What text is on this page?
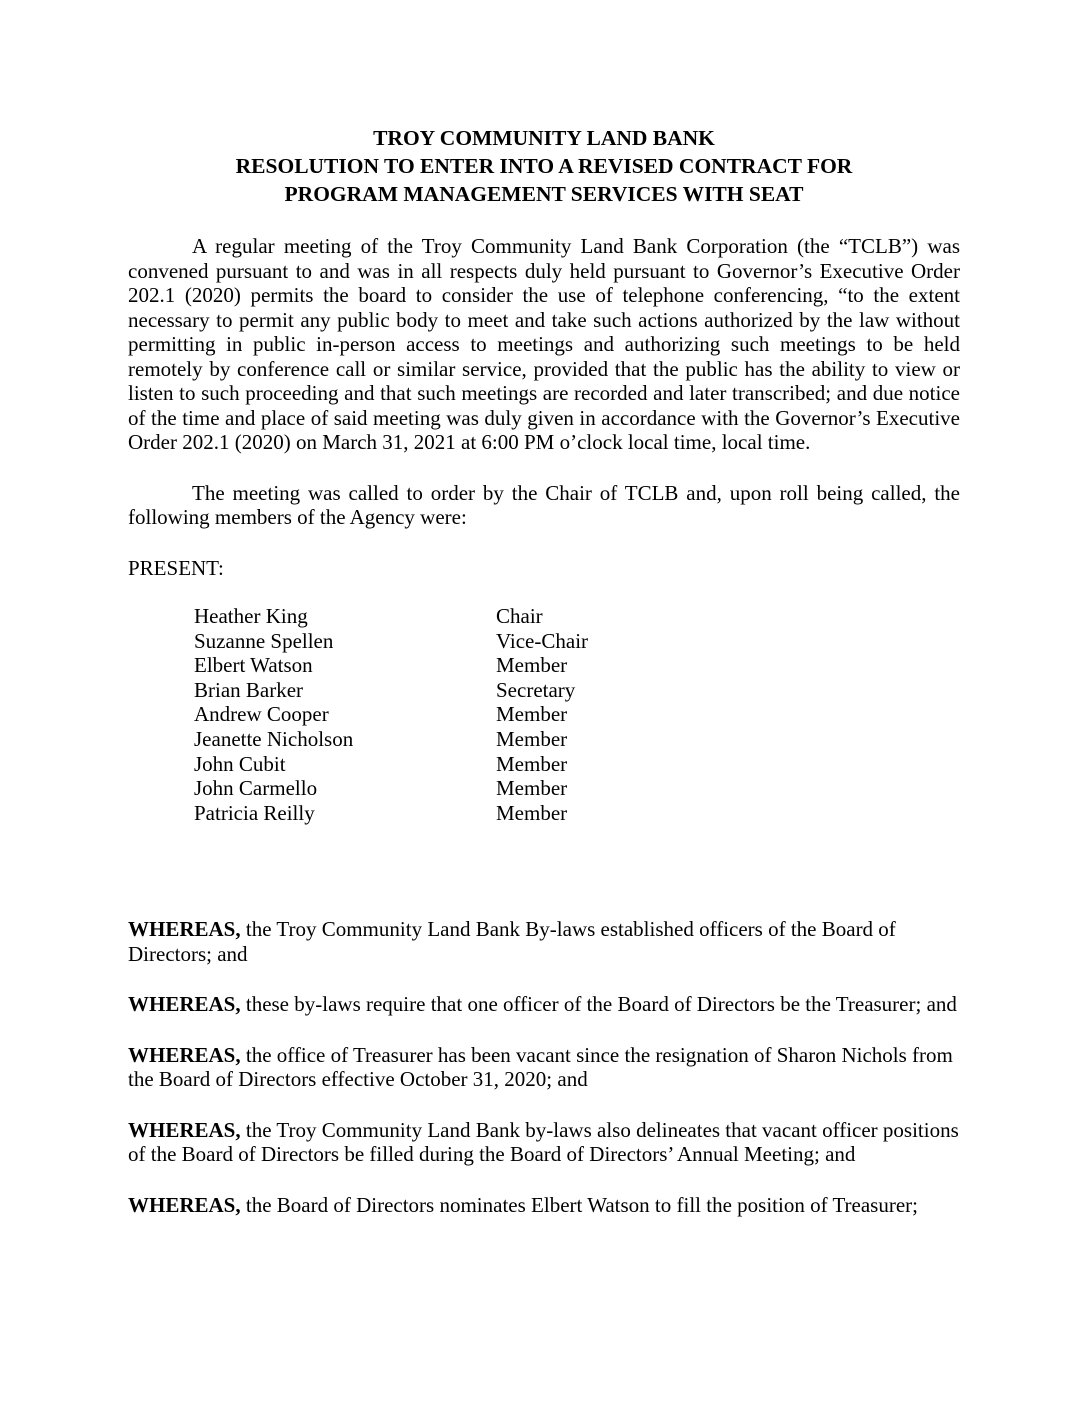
TROY COMMUNITY LAND BANK
RESOLUTION TO ENTER INTO A REVISED CONTRACT FOR
PROGRAM MANAGEMENT SERVICES WITH SEAT

A regular meeting of the Troy Community Land Bank Corporation (the “TCLB”) was convened pursuant to and was in all respects duly held pursuant to Governor’s Executive Order 202.1 (2020) permits the board to consider the use of telephone conferencing, “to the extent necessary to permit any public body to meet and take such actions authorized by the law without permitting in public in-person access to meetings and authorizing such meetings to be held remotely by conference call or similar service, provided that the public has the ability to view or listen to such proceeding and that such meetings are recorded and later transcribed; and due notice of the time and place of said meeting was duly given in accordance with the Governor’s Executive Order 202.1 (2020) on March 31, 2021 at 6:00 PM o’clock local time, local time.

The meeting was called to order by the Chair of TCLB and, upon roll being called, the following members of the Agency were:

PRESENT:
Heather King	Chair
Suzanne Spellen	Vice-Chair
Elbert Watson	Member
Brian Barker	Secretary
Andrew Cooper	Member
Jeanette Nicholson	Member
John Cubit	Member
John Carmello	Member
Patricia Reilly	Member

WHEREAS, the Troy Community Land Bank By-laws established officers of the Board of Directors; and

WHEREAS, these by-laws require that one officer of the Board of Directors be the Treasurer; and

WHEREAS, the office of Treasurer has been vacant since the resignation of Sharon Nichols from the Board of Directors effective October 31, 2020; and

WHEREAS, the Troy Community Land Bank by-laws also delineates that vacant officer positions of the Board of Directors be filled during the Board of Directors’ Annual Meeting; and

WHEREAS, the Board of Directors nominates Elbert Watson to fill the position of Treasurer;
